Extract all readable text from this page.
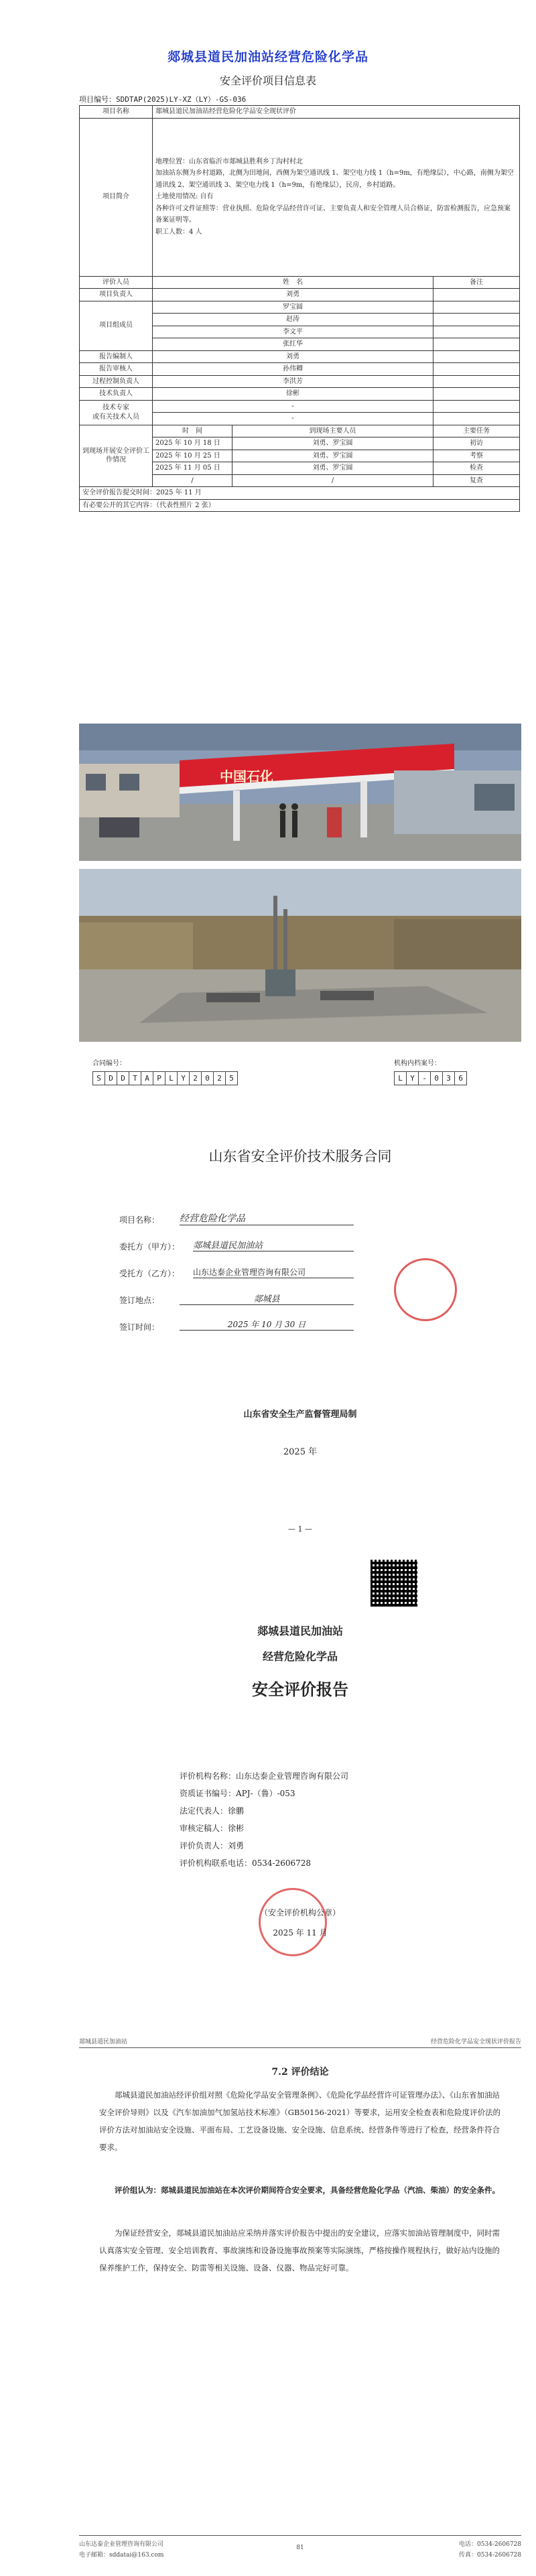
郯城县道民加油站经营危险化学品
安全评价项目信息表
项目编号：SDDTAP(2025)LY-XZ（LY）-GS-036
项目名称	郯城县道民加油站经营危险化学品安全现状评价		
项目简介	地理位置：山东省临沂市郯城县胜利乡丁沟村村北
加油站东侧为乡村道路，北侧为田地间，西侧为架空通讯线 1、架空电力线 1（h=9m，有绝缘层），中心路，南侧为架空通讯线 2、架空通讯线 3、架空电力线 1（h=9m，有绝缘层），民房，乡村道路。
土地使用情况: 自有
各种许可文件证照等：营业执照、危险化学品经营许可证、主要负责人和安全管理人员合格证，防雷检测报告，应急预案备案证明等。
职工人数：4 人		

评价人员	姓　名		备注
项目负责人	刘勇		
项目组成员	罗宝圆		
	赵涛		
	李文平		
	张红华		
报告编制人	刘勇		
报告审核人	孙伟卿		
过程控制负责人	李洪芳		
技术负责人	徐彬		
技术专家
或有关技术人员	-		
	-		
到现场开展安全评价工作情况	时　间	到现场主要人员	主要任务
	2025 年 10 月 18 日	刘勇、罗宝圆	初访
	2025 年 10 月 25 日	刘勇、罗宝圆	考察
	2025 年 11 月 05 日	刘勇、罗宝圆	检查
	/	/	复查
安全评价报告提交时间：2025 年 11 月			
有必要公开的其它内容：（代表性照片 2 张）			
中国石化
合同编号：
S D D T A P L Y 2 0 2 5
机构内档案号：
L Y - 0 3 6
山东省安全评价技术服务合同
项目名称： 经营危险化学品
委托方（甲方）： 郯城县道民加油站
受托方（乙方）： 山东达泰企业管理咨询有限公司
签订地点：	郯城县
签订时间：	2025 年 10 月 30 日
山东省安全生产监督管理局制
2025 年
— 1 —
郯城县道民加油站
经营危险化学品
安全评价报告
评价机构名称：山东达泰企业管理咨询有限公司
资质证书编号：APJ-（鲁）-053
法定代表人：徐鹏
审核定稿人：徐彬
评价负责人：刘勇
评价机构联系电话：0534-2606728
（安全评价机构公章）
2025 年 11 月
郯城县道民加油站	经营危险化学品安全现状评价报告
7.2 评价结论
郯城县道民加油站经评价组对照《危险化学品安全管理条例》、《危险化学品经营许可证管理办法》、《山东省加油站安全评价导则》以及《汽车加油加气加氢站技术标准》（GB50156-2021）等要求，运用安全检查表和危险度评价法的评价方法对加油站安全设施、平面布局、工艺设备设施、安全设施、信息系统、经营条件等进行了检查，经营条件符合要求。
评价组认为：郯城县道民加油站在本次评价期间符合安全要求，具备经营危险化学品（汽油、柴油）的安全条件。
为保证经营安全，郯城县道民加油站应采纳并落实评价报告中提出的安全建议，应落实加油站管理制度中，同时需认真落实安全管理、安全培训教育、事故演练和设备设施事故预案等实际演练，严格按操作规程执行，做好站内设施的保养维护工作，保持安全、防雷等相关设施、设备、仪器、物品完好可靠。
山东达泰企业管理咨询有限公司
电子邮箱：sddatai@163.com
81	电话：0534-2606728
传真：0534-2606728
